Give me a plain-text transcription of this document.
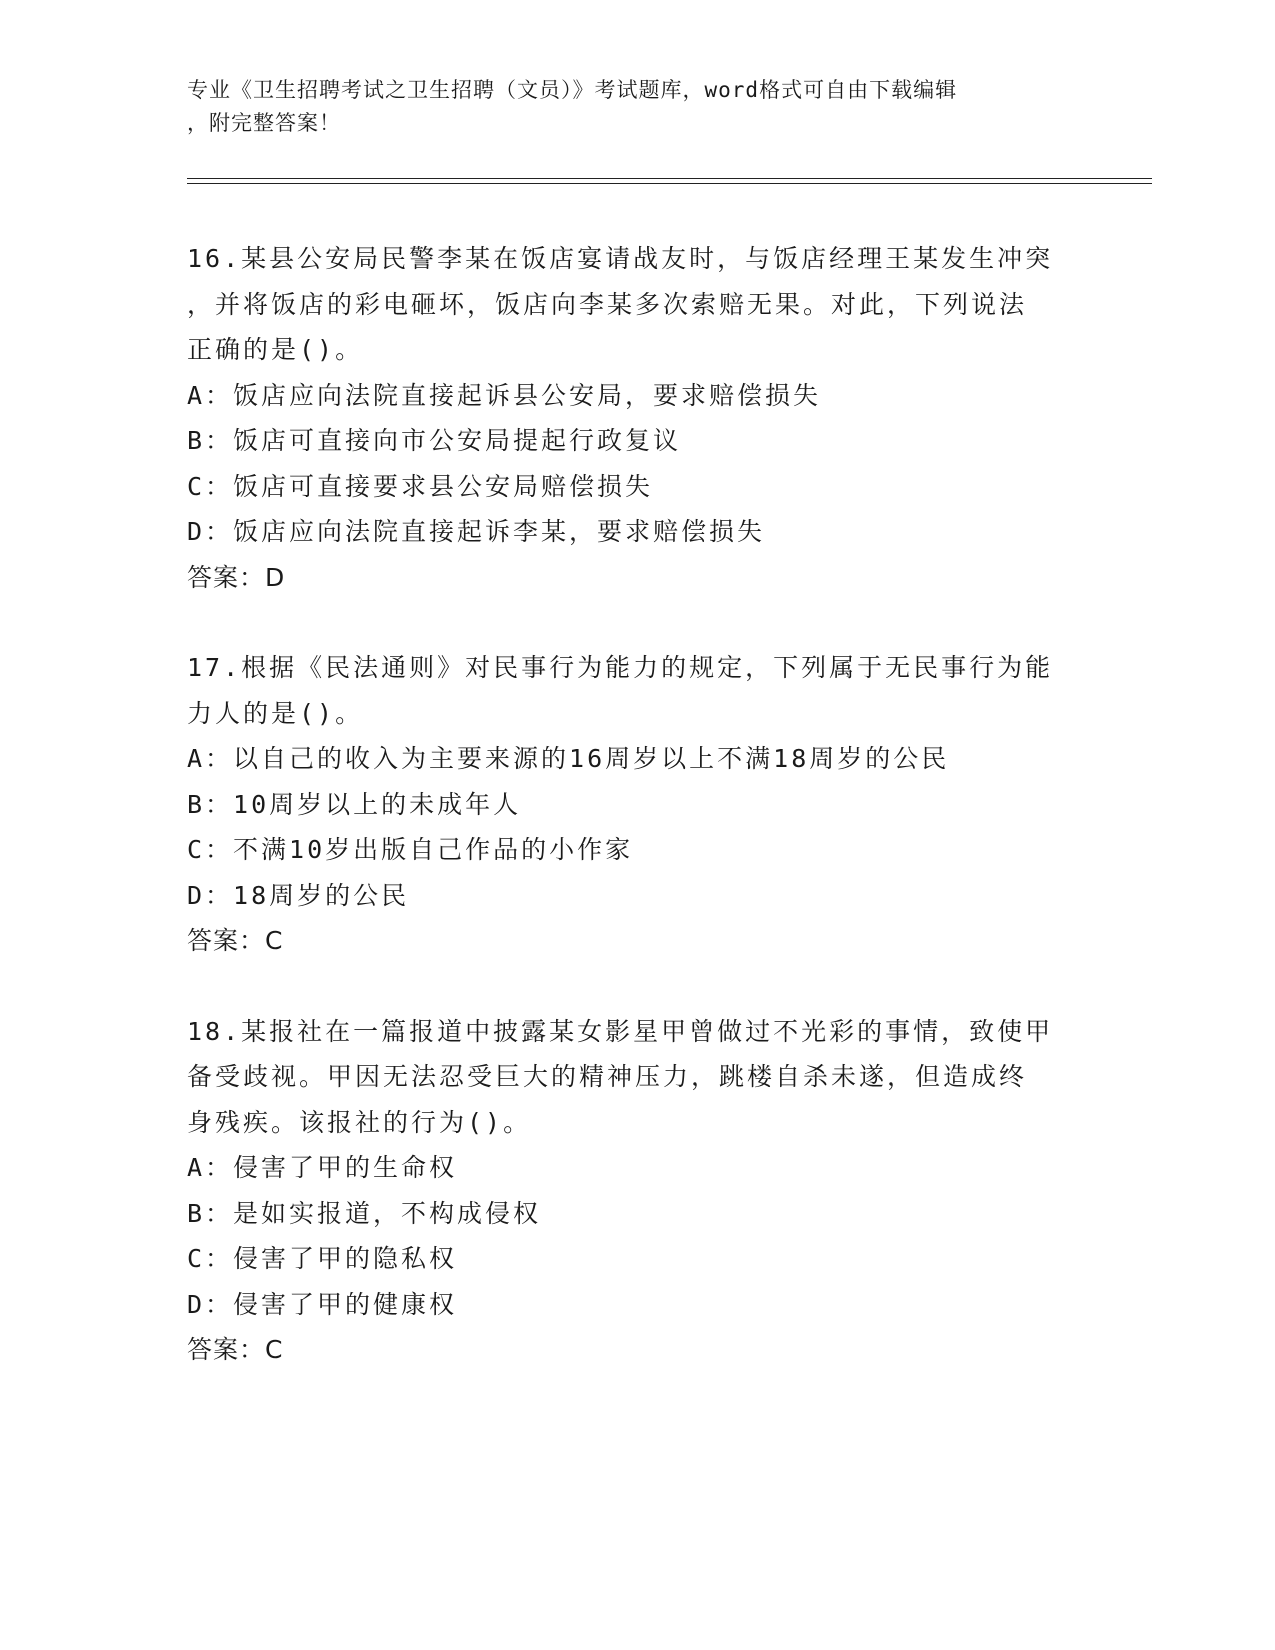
专业《卫生招聘考试之卫生招聘（文员）》考试题库，word格式可自由下载编辑
，附完整答案！
16.某县公安局民警李某在饭店宴请战友时，与饭店经理王某发生冲突
，并将饭店的彩电砸坏，饭店向李某多次索赔无果。对此，下列说法
正确的是()。
A：饭店应向法院直接起诉县公安局，要求赔偿损失
B：饭店可直接向市公安局提起行政复议
C：饭店可直接要求县公安局赔偿损失
D：饭店应向法院直接起诉李某，要求赔偿损失
答案：D
17.根据《民法通则》对民事行为能力的规定，下列属于无民事行为能
力人的是()。
A：以自己的收入为主要来源的16周岁以上不满18周岁的公民
B：10周岁以上的未成年人
C：不满10岁出版自己作品的小作家
D：18周岁的公民
答案：C
18.某报社在一篇报道中披露某女影星甲曾做过不光彩的事情，致使甲
备受歧视。甲因无法忍受巨大的精神压力，跳楼自杀未遂，但造成终
身残疾。该报社的行为()。
A：侵害了甲的生命权
B：是如实报道，不构成侵权
C：侵害了甲的隐私权
D：侵害了甲的健康权
答案：C
